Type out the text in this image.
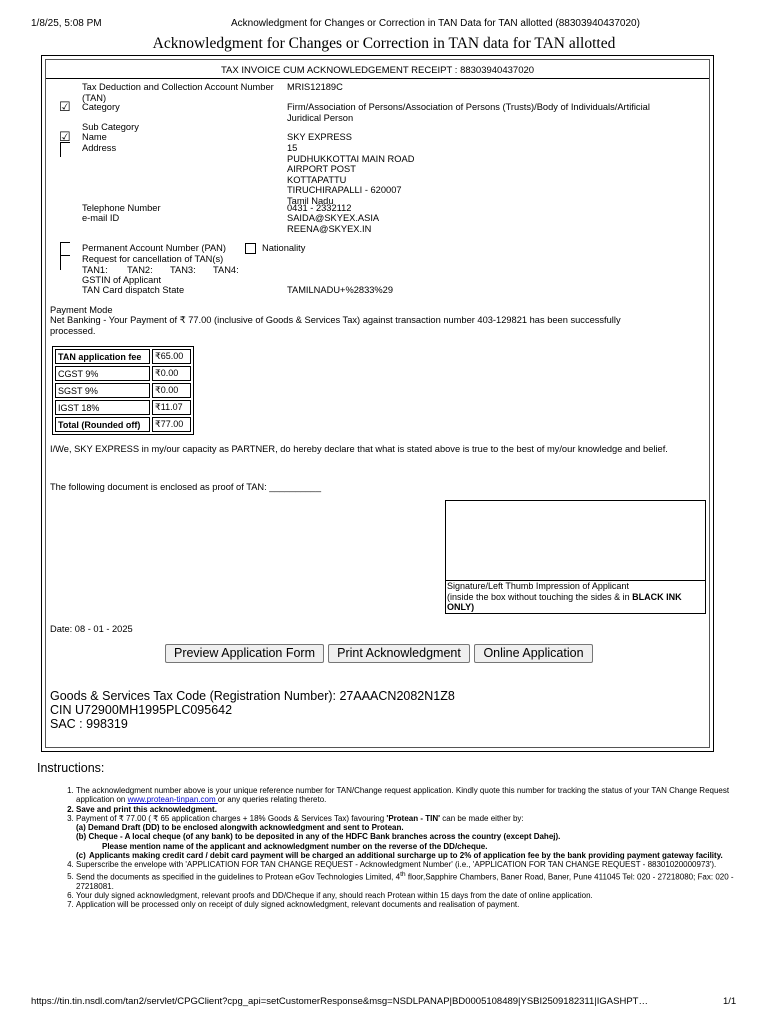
1/8/25, 5:08 PM	Acknowledgment for Changes or Correction in TAN Data for TAN allotted (88303940437020)
Acknowledgment for Changes or Correction in TAN data for TAN allotted
TAX INVOICE CUM ACKNOWLEDGEMENT RECEIPT : 88303940437020
Tax Deduction and Collection Account Number
(TAN)
MRIS12189C
☑ Category	Firm/Association of Persons/Association of Persons (Trusts)/Body of Individuals/Artificial
Juridical Person
Sub Category
☑ Name	SKY EXPRESS
Address	15
PUDHUKKOTTAI MAIN ROAD
AIRPORT POST
KOTTAPATTU
TIRUCHIRAPALLI - 620007
Tamil Nadu
Telephone Number	0431 - 2332112
e-mail ID	SAIDA@SKYEX.ASIA
REENA@SKYEX.IN
Permanent Account Number (PAN)	Nationality
Request for cancellation of TAN(s)
TAN1: TAN2: TAN3: TAN4:
GSTIN of Applicant
TAN Card dispatch State	TAMILNADU+%2833%29
Payment Mode
Net Banking - Your Payment of ₹ 77.00 (inclusive of Goods & Services Tax) against transaction number 403-129821 has been successfully
processed.
TAN application fee	₹65.00
CGST 9%	₹0.00
SGST 9%	₹0.00
IGST 18%	₹11.07
Total (Rounded off)	₹77.00
I/We, SKY EXPRESS in my/our capacity as PARTNER, do hereby declare that what is stated above is true to the best of my/our knowledge and belief.
The following document is enclosed as proof of TAN: __________
Signature/Left Thumb Impression of Applicant
(inside the box without touching the sides & in BLACK INK
ONLY)
Date: 08 - 01 - 2025
Preview Application Form	Print Acknowledgment	Online Application
Goods & Services Tax Code (Registration Number): 27AAACN2082N1Z8
CIN U72900MH1995PLC095642
SAC : 998319
Instructions:
1. The acknowledgment number above is your unique reference number for TAN/Change request application. Kindly quote this number for tracking the status of your TAN Change Request application on www.protean-tinpan.com or any queries relating thereto.
2. Save and print this acknowledgment.
3. Payment of ₹ 77.00 ( ₹ 65 application charges + 18% Goods & Services Tax) favouring 'Protean - TIN' can be made either by:
(a) Demand Draft (DD) to be enclosed alongwith acknowledgment and sent to Protean.
(b) Cheque - A local cheque (of any bank) to be deposited in any of the HDFC Bank branches across the country (except Dahej).
Please mention name of the applicant and acknowledgment number on the reverse of the DD/cheque.
(c) Applicants making credit card / debit card payment will be charged an additional surcharge up to 2% of application fee by the bank providing payment gateway facility.
4. Superscribe the envelope with 'APPLICATION FOR TAN CHANGE REQUEST - Acknowledgment Number' (i.e., 'APPLICATION FOR TAN CHANGE REQUEST - 88301020000973').
5. Send the documents as specified in the guidelines to Protean eGov Technologies Limited, 4th floor,Sapphire Chambers, Baner Road, Baner, Pune 411045 Tel: 020 - 27218080; Fax: 020 - 27218081.
6. Your duly signed acknowledgment, relevant proofs and DD/Cheque if any, should reach Protean within 15 days from the date of online application.
7. Application will be processed only on receipt of duly signed acknowledgment, relevant documents and realisation of payment.
https://tin.tin.nsdl.com/tan2/servlet/CPGClient?cpg_api=setCustomerResponse&msg=NSDLPANAP|BD0005108489|YSBI2509182311|IGASHPT…	1/1
